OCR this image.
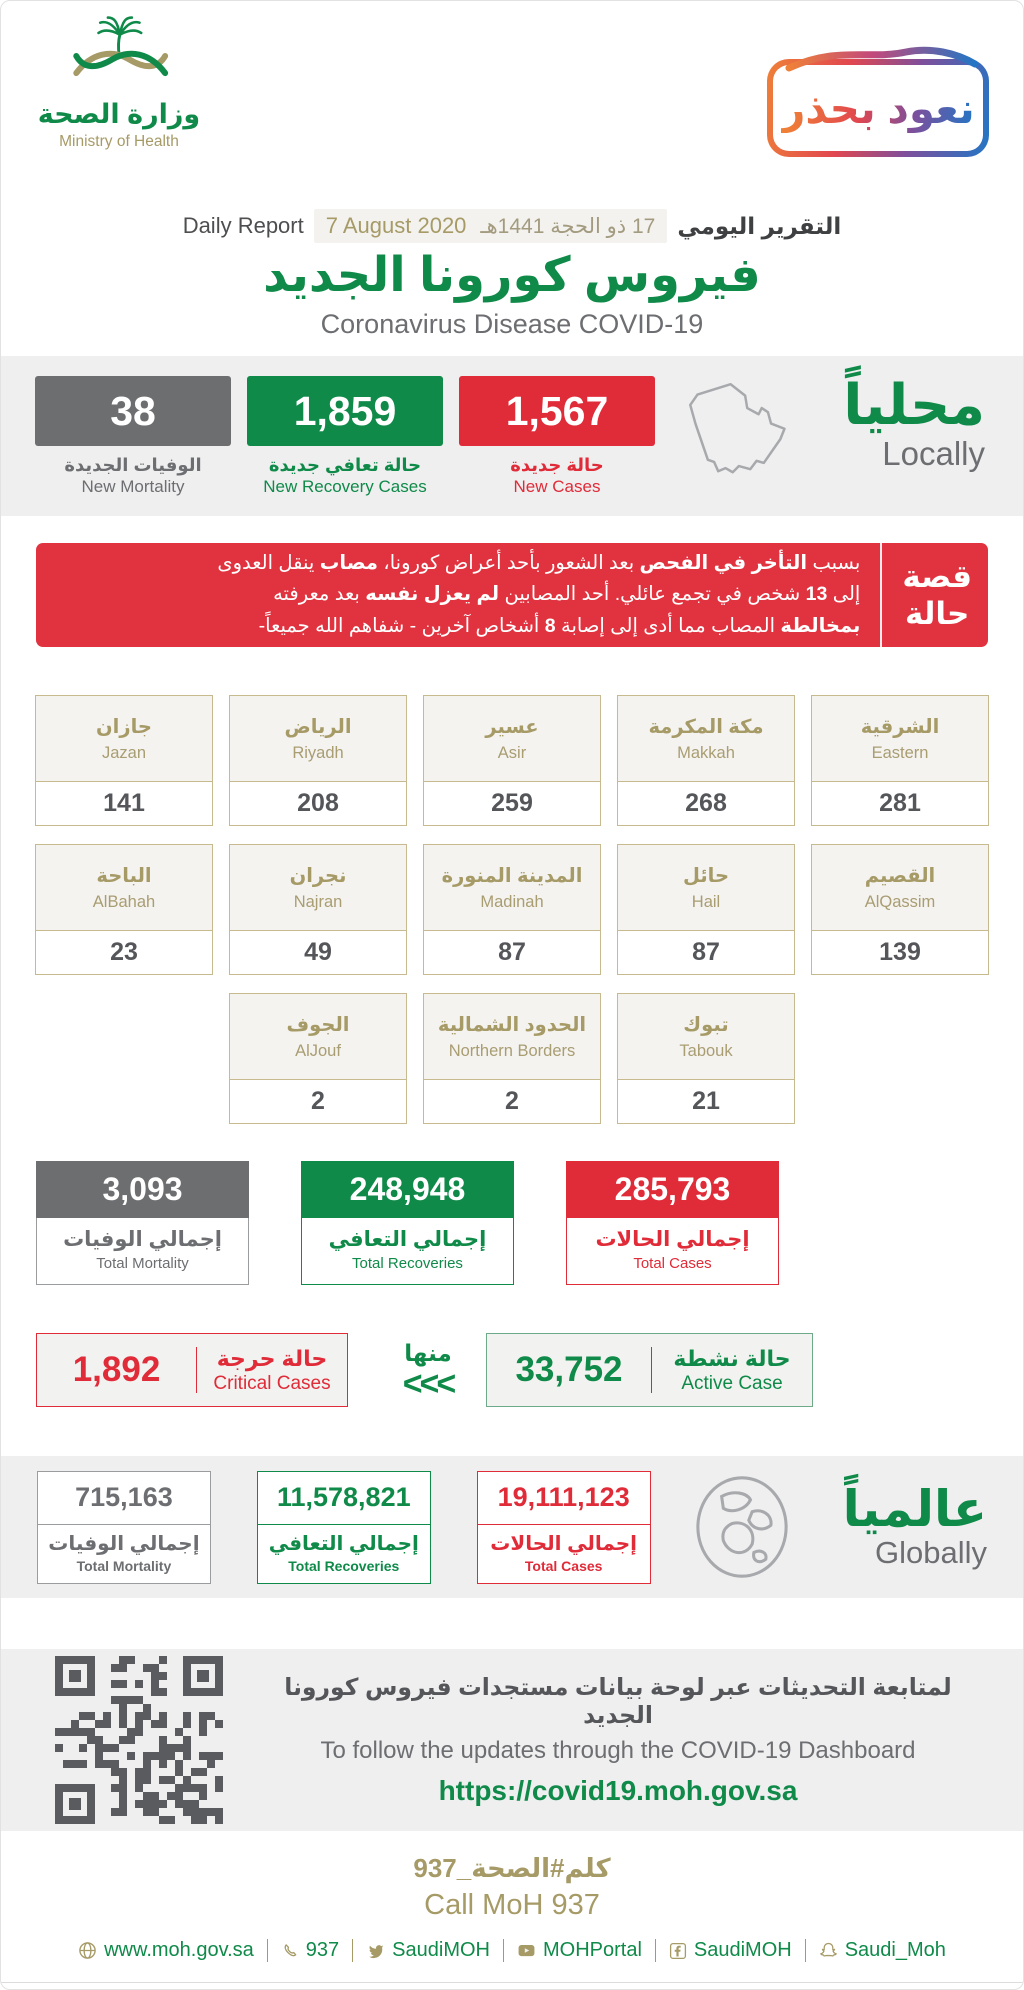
وزارة الصحة
Ministry of Health
نعود بحذر
Daily Report 7 August 2020 17 ذو الحجة 1441هـ التقرير اليومي
فيروس كورونا الجديد
Coronavirus Disease COVID-19
38
الوفيات الجديدة
New Mortality
1,859
حالة تعافي جديدة
New Recovery Cases
1,567
حالة جديدة
New Cases
محلياً
Locally
قصة
حالة
بسبب التأخر في الفحص بعد الشعور بأحد أعراض كورونا، مصاب ينقل العدوى
إلى 13 شخص في تجمع عائلي. أحد المصابين لم يعزل نفسه بعد معرفته
بمخالطة المصاب مما أدى إلى إصابة 8 أشخاص آخرين - شفاهم الله جميعاً-
جازان
Jazan
141
الرياض
Riyadh
208
عسير
Asir
259
مكة المكرمة
Makkah
268
الشرقية
Eastern
281
الباحة
AlBahah
23
نجران
Najran
49
المدينة المنورة
Madinah
87
حائل
Hail
87
القصيم
AlQassim
139
الجوف
AlJouf
2
الحدود الشمالية
Northern Borders
2
تبوك
Tabouk
21
3,093
إجمالي الوفيات
Total Mortality
248,948
إجمالي التعافي
Total Recoveries
285,793
إجمالي الحالات
Total Cases
1,892	حالة حرجة
Critical Cases
منها
<<<	33,752	حالة نشطة
Active Case
715,163
إجمالي الوفيات
Total Mortality
11,578,821
إجمالي التعافي
Total Recoveries
19,111,123
إجمالي الحالات
Total Cases
عالمياً
Globally
لمتابعة التحديثات عبر لوحة بيانات مستجدات فيروس كورونا الجديد
To follow the updates through the COVID-19 Dashboard
https://covid19.moh.gov.sa
كلم#الصحة_937
Call MoH 937
www.moh.gov.sa	937	SaudiMOH	MOHPortal	SaudiMOH	Saudi_Moh
